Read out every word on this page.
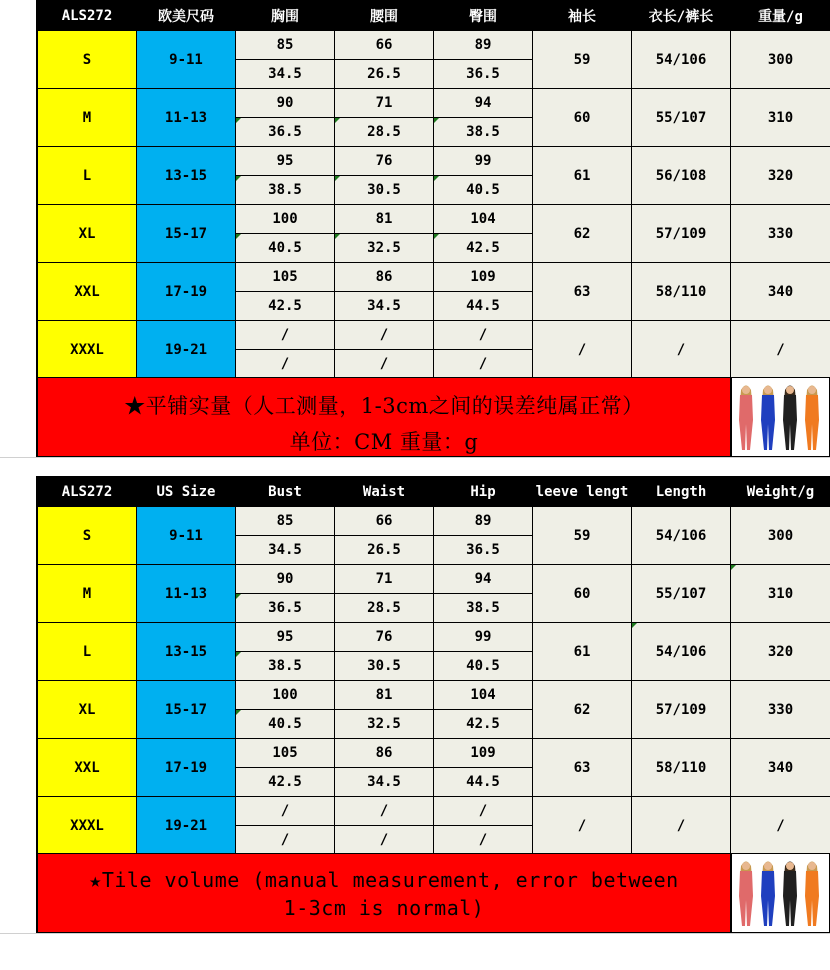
ALS272	欧美尺码	胸围	腰围	臀围	袖长	衣长/裤长	重量/g
S	9-11	85	66	89	59	54/106	300
		34.5	26.5	36.5			
M	11-13	90	71	94	60	55/107	310
		36.5	28.5	38.5			
L	13-15	95	76	99	61	56/108	320
		38.5	30.5	40.5			
XL	15-17	100	81	104	62	57/109	330
		40.5	32.5	42.5			
XXL	17-19	105	86	109	63	58/110	340
		42.5	34.5	44.5			
XXXL	19-21	/	/	/	/	/	/
		/	/	/			
★平铺实量（人工测量，1-3cm之间的误差纯属正常）
单位：CM 重量：g
ALS272	US Size	Bust	Waist	Hip	leeve lengt	Length	Weight/g
S	9-11	85	66	89	59	54/106	300
		34.5	26.5	36.5			
M	11-13	90	71	94	60	55/107	310
		36.5	28.5	38.5			
L	13-15	95	76	99	61	54/106	320
		38.5	30.5	40.5			
XL	15-17	100	81	104	62	57/109	330
		40.5	32.5	42.5			
XXL	17-19	105	86	109	63	58/110	340
		42.5	34.5	44.5			
XXXL	19-21	/	/	/	/	/	/
		/	/	/			
★Tile volume (manual measurement, error between
1-3cm is normal)
